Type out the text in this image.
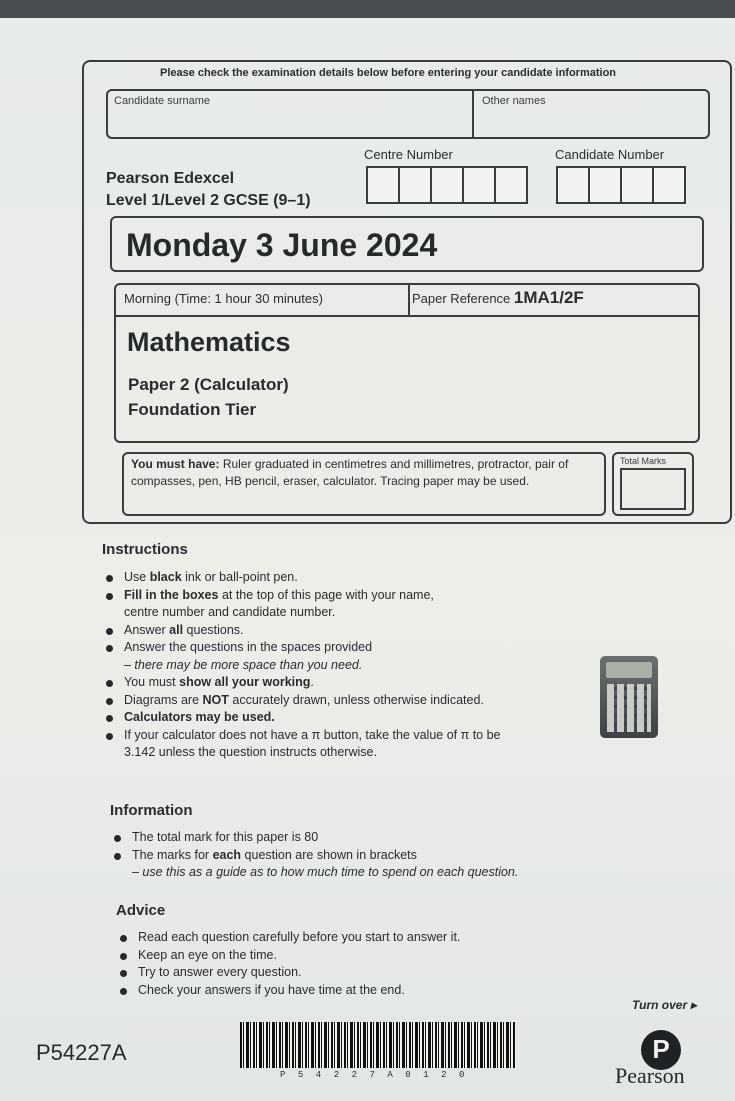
Please check the examination details below before entering your candidate information
Candidate surname	Other names
Pearson Edexcel
Level 1/Level 2 GCSE (9–1)
Centre Number	Candidate Number
Monday 3 June 2024
Morning (Time: 1 hour 30 minutes)	Paper Reference 1MA1/2F
Mathematics
Paper 2 (Calculator)
Foundation Tier
You must have: Ruler graduated in centimetres and millimetres, protractor, pair of compasses, pen, HB pencil, eraser, calculator. Tracing paper may be used.
Total Marks
Instructions
Use black ink or ball-point pen.
Fill in the boxes at the top of this page with your name,
centre number and candidate number.
Answer all questions.
Answer the questions in the spaces provided
– there may be more space than you need.
You must show all your working.
Diagrams are NOT accurately drawn, unless otherwise indicated.
Calculators may be used.
If your calculator does not have a π button, take the value of π to be
3.142 unless the question instructs otherwise.
Information
The total mark for this paper is 80
The marks for each question are shown in brackets
– use this as a guide as to how much time to spend on each question.
Advice
Read each question carefully before you start to answer it.
Keep an eye on the time.
Try to answer every question.
Check your answers if you have time at the end.
Turn over ▸
P54227A
P54227A0120
P
Pearson
